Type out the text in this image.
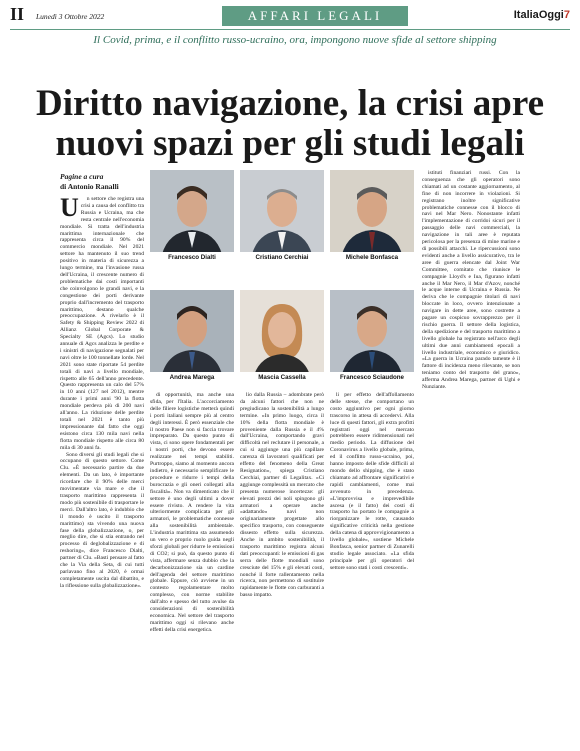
II Lunedì 3 Ottobre 2022	AFFARI LEGALI	ItaliaOggi7
Il Covid, prima, e il conflitto russo-ucraino, ora, impongono nuove sfide al settore shipping
Diritto navigazione, la crisi apre nuovi spazi per gli studi legali
Pagine a cura
di Antonio Ranalli
U	n settore che registra una crisi a causa del conflitto tra Russia e Ucraina, ma che resta centrale nell'economia mondiale. Si tratta dell'industria marittima internazionale che rappresenta circa il 90% del commercio mondiale. Nel 2021 settore ha mantenuto il suo trend positivo in materia di sicurezza a lungo termine, ma l'invasione russa dell'Ucraina, il crescente numero di problematiche dai costi importanti che coinvolgono le grandi navi, e la congestione dei porti derivante proprio dall'incremento del trasporto marittimo, destano qualche preoccupazione. A rivelarlo è il Safety & Shipping Review 2022 di Allianz Global Corporate & Specialty SE (Agcs). Lo studio annuale di Agcs analizza le perdite e i sinistri di navigazione segnalati per navi oltre le 100 tonnellate lorde. Nel 2021 sono state riportate 54 perdite totali di navi a livello mondiale, rispetto alle 65 dell'anno precedente. Questo rappresenta un calo del 57% in 10 anni (127 nel 2012), mentre durante i primi anni '90 la flotta mondiale perdeva più di 200 navi all'anno. La riduzione delle perdite totali nel 2021 è tanto più impressionante dal fatto che oggi esistono circa 130 mila navi nella flotta mondiale rispetto alle circa 80 mila di 30 anni fa.

Sono diversi gli studi legali che si occupano di questo settore. Come Clu. «È necessario partire da due elementi. Da un lato, è importante ricordare che il 90% delle merci movimentate via mare e che il trasporto marittimo rappresenta il modo più sostenibile di trasportare le merci. Dall'altro lato, è indubbio che il mondo è uscito il trasporto marittimo) sta vivendo una nuova fase della globalizzazione, o, per meglio dire, che si stia entrando nel processo di deglobalizzazione e di reshoring», dice Francesco Dialti, partner di Clu. «Basti pensare al fatto che la Via della Seta, di cui tutti parlavano fino al 2020, è ormai completamente uscita dal dibattito, e la riflessione sulla globalizzazione».

Francesco Dialti	Cristiano Cerchiai	Michele Bonfasca
Andrea Marega	Mascia Cassella	Francesco Sciaudone

di opportunità, ma anche una sfida, per l'Italia. L'accorciamento delle filiere logistiche metterà quindi i porti italiani sempre più al centro degli interessi. È però essenziale che il nostro Paese non si faccia trovare impreparato. Da questo punto di vista, ci sono opere fondamentali per i nostri porti, che devono essere realizzate nei tempi stabiliti. Purtroppo, siamo al momento ancora indietro, è necessario semplificare le procedure e ridurre i tempi della burocrazia e gli oneri collegati alla fiscalità». Non va dimenticato che il settore è uno degli ultimi a dover essere rivisto. A rendere la vita ulteriormente complicata per gli armatori, le problematiche connesse alla sostenibilità ambientale. L'industria marittima sta assumendo un vero e proprio ruolo guida negli sforzi globali per ridurre le emissioni di CO2; si può, da questo punto di vista, affermare senza dubbio che la decarbonizzazione sia un cardine dell'agenda del settore marittimo globale. Eppure, ciò avviene in un contesto regolamentare molto complesso, con norme stabilite dall'alto e spesso del tutto avulse da considerazioni di sostenibilità economica. Nel settore del trasporto marittimo oggi si rilevano anche effetti della crisi energetica.

lio dalla Russia – adombrate però da alcuni fattori che non ne pregiudicano la sostenibilità a lungo termine. «In primo luogo, circa il 10% della flotta mondiale è proveniente dalla Russia e il 4% dall'Ucraina, comportando gravi difficoltà nel reclutare il personale, a cui si aggiunge una più capillare carenza di lavoratori qualificati per effetto del fenomeno della Great Resignation», spiega Cristiano Cerchiai, partner di Legalitax. «Ci aggiunge complessità un mercato che presenta numerose incertezze: gli elevati prezzi dei noli spingono gli armatori a operare anche «adattando» navi non originariamente progettate allo specifico trasporto, con conseguente dissesto effetto sulla sicurezza. Anche in ambito sostenibilità, il trasporto marittimo registra alcuni dati preoccupanti: le emissioni di gas serra delle flotte mondiali sono cresciute del 15% e gli elevati costi, nonché il forte rallentamento nella ricerca, non permettono di sostituire rapidamente le flotte con carburanti a basso impatto.

li per effetto dell'affollamento delle stesse, che comportano un costo aggiuntivo per ogni giorno trascorso in attesa di accedervi. Alla luce di questi fattori, gli extra profitti registrati oggi nel mercato potrebbero essere ridimensionati nel medio periodo. La diffusione del Coronavirus a livello globale, prima, ed il conflitto russo-ucraino, poi, hanno imposto delle sfide difficili al mondo dello shipping, che è stato chiamato ad affrontare significativi e rapidi cambiamenti, come mai avvenuto in precedenza. «L'improvvisa e imprevedibile ascesa (e il fatto) dei costi di trasporto ha portato le compagnie a riorganizzare le rotte, causando significative criticità nella gestione della catena di approvvigionamento a livello globale», sostiene Michele Bonfasca, senior partner di Zunarelli studio legale associato. «La sfida principale per gli operatori del settore sono stati i costi crescenti».

istituti finanziari russi. Con la conseguenza che gli operatori sono chiamati ad un costante aggiornamento, al fine di non incorrere in violazioni. Si registrano inoltre significative problematiche connesse con il blocco di navi nel Mar Nero. Nonostante infatti l'implementazione di corridoi sicuri per il passaggio delle navi commerciali, la navigazione in tali aree è reputata pericolosa per la presenza di mine marine e di possibili attacchi. Le ripercussioni sono evidenti anche a livello assicurativo, tra le aree di guerra elencate dal Joint War Committee, comitato che riunisce le compagnie Lloyd's e Iua, figurano infatti anche il Mar Nero, il Mar d'Azov, nonché le acque interne di Ucraina e Russia. Ne deriva che le compagnie titolari di navi bloccate in loco, ovvero intenzionate a navigare in dette aree, sono costrette a pagare un cospicuo sovrapprezzo per il rischio guerra. Il settore della logistica, della spedizione e del trasporto marittimo a livello globale ha registrato nell'arco degli ultimi due anni cambiamenti epocali a livello industriale, economico e giuridico. «La guerra in Ucraina parado tamente è il fattore di incidenza meno rilevante, se non teniamo conto del trasporto del grano», afferma Andrea Marega, partner di Ughi e Nunziante.
